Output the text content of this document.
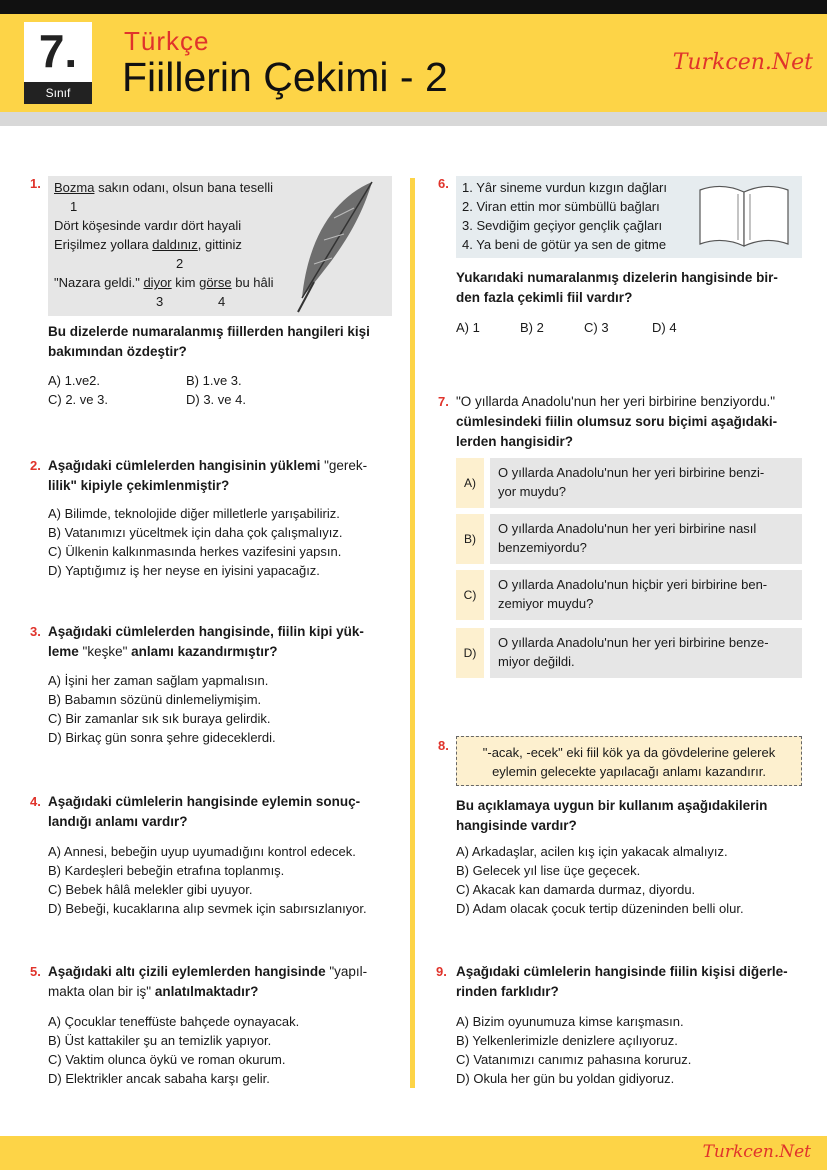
7.
Sınıf
Türkçe
Fiillerin Çekimi - 2	Turkcen.Net
1. Bozma sakın odanı, olsun bana teselli
1
Dört köşesinde vardır dört hayali
Erişilmez yollara daldınız, gittiniz
2
"Nazara geldi." diyor kim görse bu hâli
3	4
Bu dizelerde numaralanmış fiillerden hangileri kişi bakımından özdeştir?
A) 1.ve2.	B) 1.ve 3.
C) 2. ve 3.	D) 3. ve 4.
2. Aşağıdaki cümlelerden hangisinin yüklemi "gerek-
lilik" kipiyle çekimlenmiştir?
A) Bilimde, teknolojide diğer milletlerle yarışabiliriz.
B) Vatanımızı yüceltmek için daha çok çalışmalıyız.
C) Ülkenin kalkınmasında herkes vazifesini yapsın.
D) Yaptığımız iş her neyse en iyisini yapacağız.
3. Aşağıdaki cümlelerden hangisinde, fiilin kipi yük-
leme "keşke" anlamı kazandırmıştır?
A) İşini her zaman sağlam yapmalısın.
B) Babamın sözünü dinlemeliymişim.
C) Bir zamanlar sık sık buraya gelirdik.
D) Birkaç gün sonra şehre gideceklerdi.
4. Aşağıdaki cümlelerin hangisinde eylemin sonuç-
landığı anlamı vardır?
A) Annesi, bebeğin uyup uyumadığını kontrol edecek.
B) Kardeşleri bebeğin etrafına toplanmış.
C) Bebek hâlâ melekler gibi uyuyor.
D) Bebeği, kucaklarına alıp sevmek için sabırsızlanıyor.
5. Aşağıdaki altı çizili eylemlerden hangisinde "yapıl-
makta olan bir iş" anlatılmaktadır?
A) Çocuklar teneffüste bahçede oynayacak.
B) Üst kattakiler şu an temizlik yapıyor.
C) Vaktim olunca öykü ve roman okurum.
D) Elektrikler ancak sabaha karşı gelir.
6. 1. Yâr sineme vurdun kızgın dağları
2. Viran ettin mor sümbüllü bağları
3. Sevdiğim geçiyor gençlik çağları
4. Ya beni de götür ya sen de gitme
Yukarıdaki numaralanmış dizelerin hangisinde bir-
den fazla çekimli fiil vardır?
A) 1	B) 2	C) 3	D) 4
7. "O yıllarda Anadolu'nun her yeri birbirine benziyordu."
cümlesindeki fiilin olumsuz soru biçimi aşağıdaki-
lerden hangisidir?
A)
O yıllarda Anadolu'nun her yeri birbirine benzi-
yor muydu?
B)
O yıllarda Anadolu'nun her yeri birbirine nasıl
benzemiyordu?
C)
O yıllarda Anadolu'nun hiçbir yeri birbirine ben-
zemiyor muydu?
D)
O yıllarda Anadolu'nun her yeri birbirine benze-
miyor değildi.
8.	"-acak, -ecek" eki fiil kök ya da gövdelerine gelerek
eylemin gelecekte yapılacağı anlamı kazandırır.
Bu açıklamaya uygun bir kullanım aşağıdakilerin
hangisinde vardır?
A) Arkadaşlar, acilen kış için yakacak almalıyız.
B) Gelecek yıl lise üçe geçecek.
C) Akacak kan damarda durmaz, diyordu.
D) Adam olacak çocuk tertip düzeninden belli olur.
9. Aşağıdaki cümlelerin hangisinde fiilin kişisi diğerle-
rinden farklıdır?
A) Bizim oyunumuza kimse karışmasın.
B) Yelkenlerimizle denizlere açılıyoruz.
C) Vatanımızı canımız pahasına koruruz.
D) Okula her gün bu yoldan gidiyoruz.
Turkcen.Net
